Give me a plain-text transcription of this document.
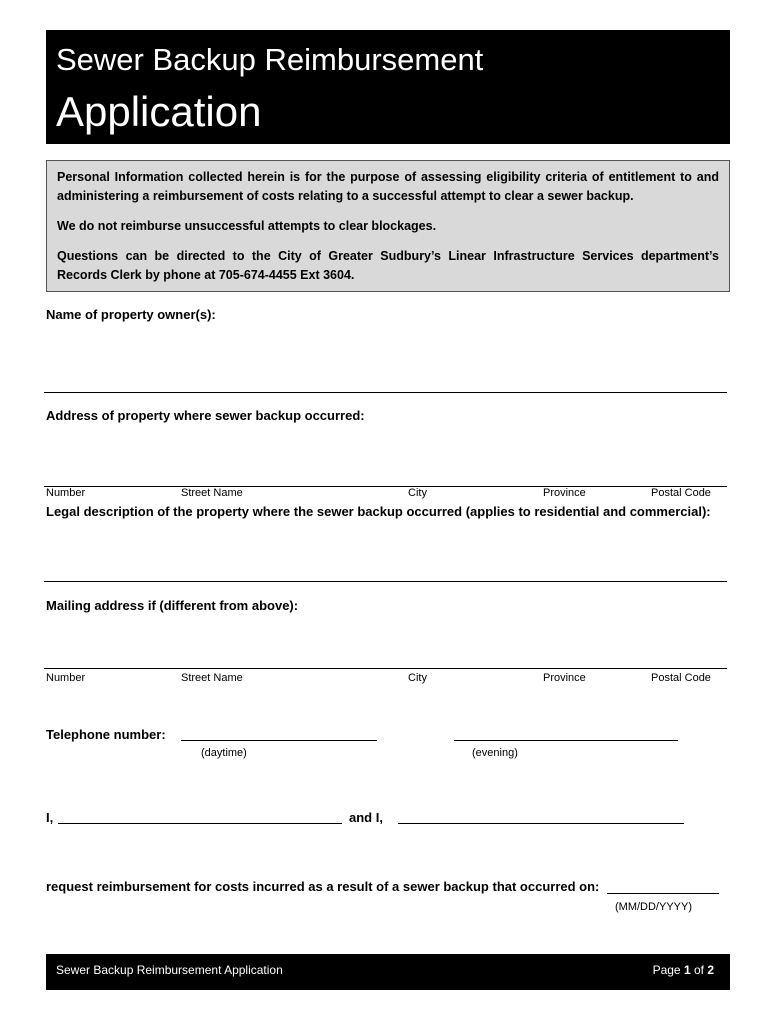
Sewer Backup Reimbursement
Application

Personal Information collected herein is for the purpose of assessing eligibility criteria of entitlement to and administering a reimbursement of costs relating to a successful attempt to clear a sewer backup.

We do not reimburse unsuccessful attempts to clear blockages.

Questions can be directed to the City of Greater Sudbury’s Linear Infrastructure Services department’s Records Clerk by phone at 705-674-4455 Ext 3604.

Name of property owner(s):
Address of property where sewer backup occurred:
Number	Street Name	City	Province	Postal Code
Legal description of the property where the sewer backup occurred (applies to residential and commercial):
Mailing address if (different from above):
Number	Street Name	City	Province	Postal Code
Telephone number:
(daytime)	(evening)
I,	and I,
request reimbursement for costs incurred as a result of a sewer backup that occurred on:
(MM/DD/YYYY)
Sewer Backup Reimbursement Application	Page 1 of 2
